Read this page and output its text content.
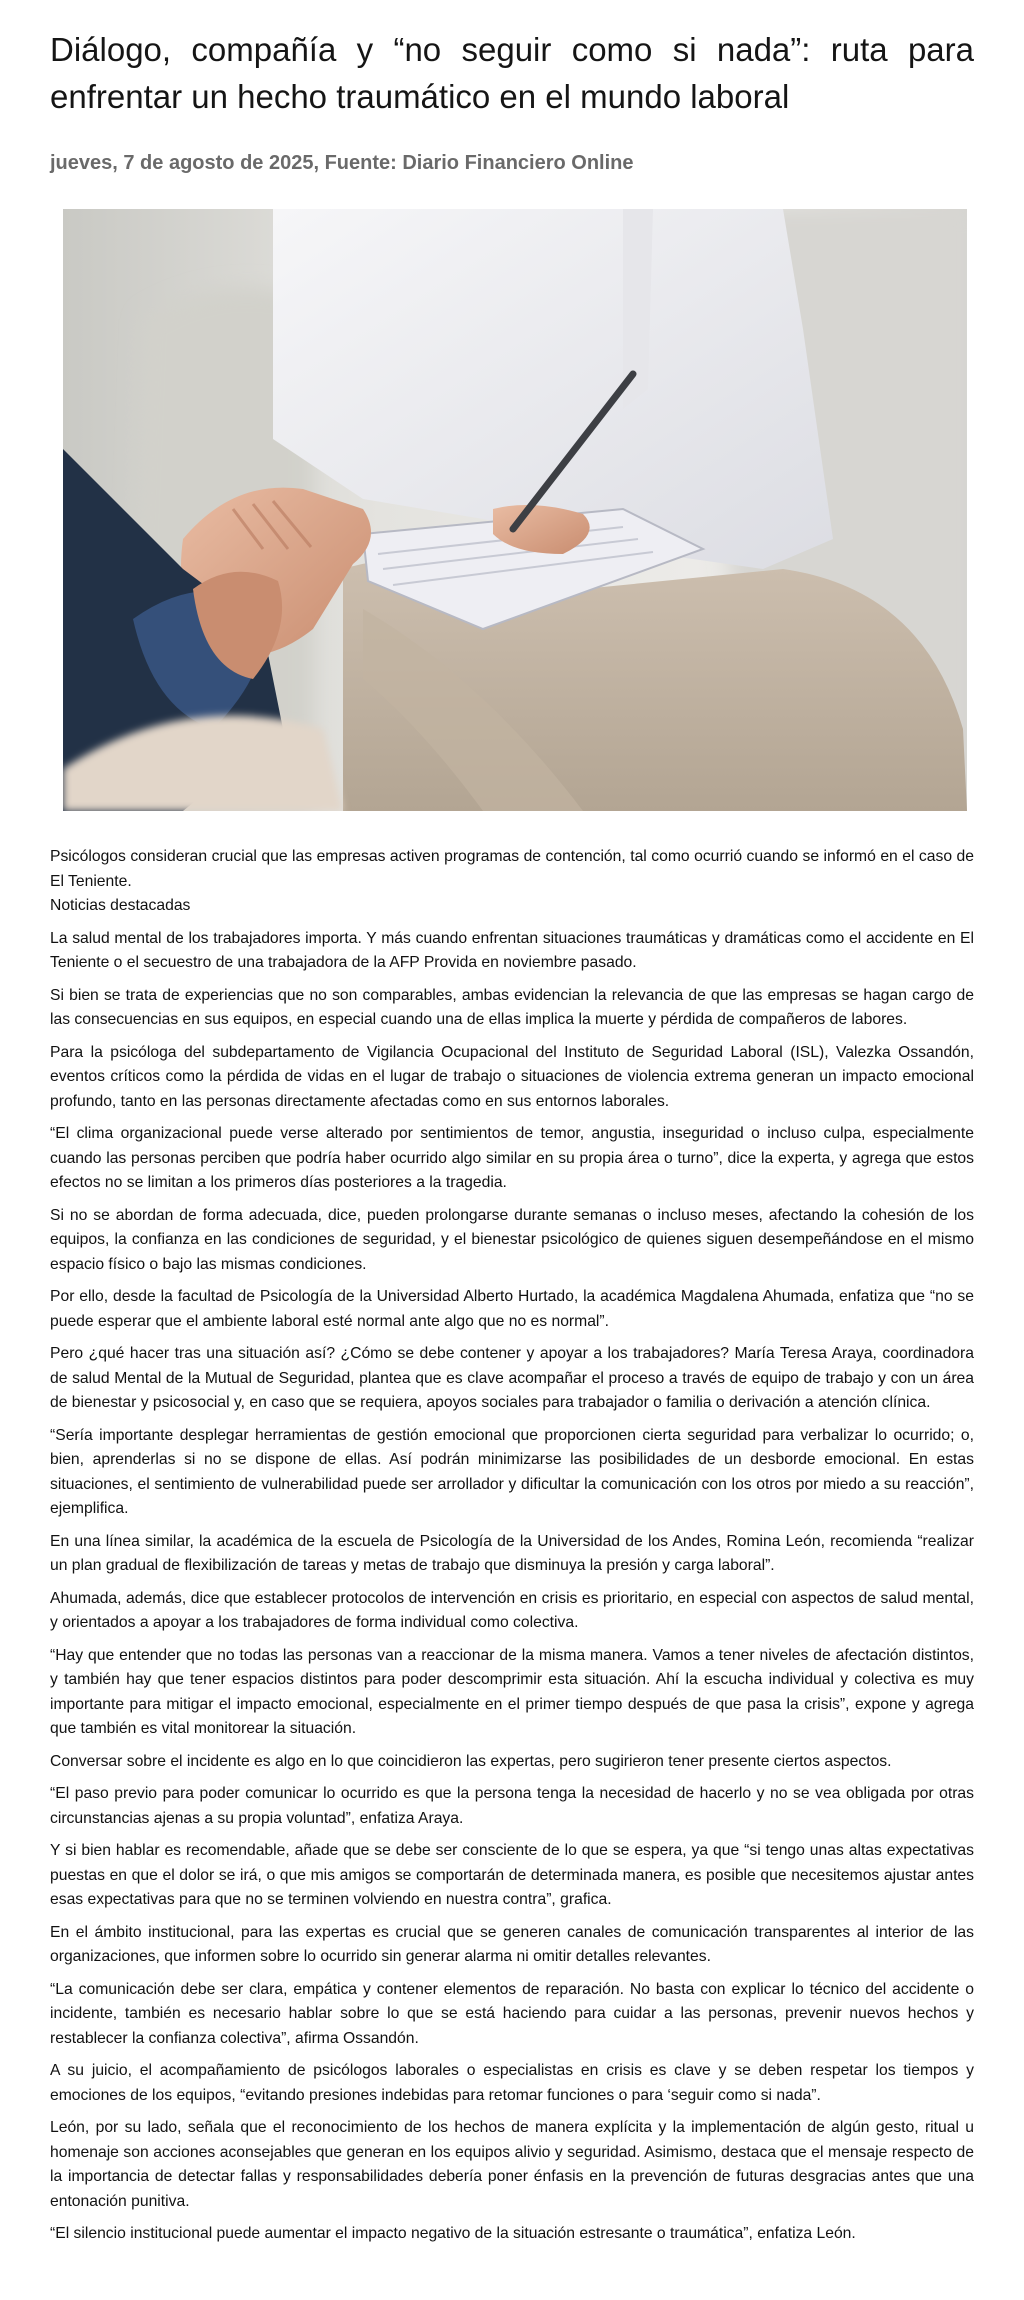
Diálogo, compañía y “no seguir como si nada”: ruta para enfrentar un hecho traumático en el mundo laboral
jueves, 7 de agosto de 2025, Fuente: Diario Financiero Online

Psicólogos consideran crucial que las empresas activen programas de contención, tal como ocurrió cuando se informó en el caso de El Teniente.

Noticias destacadas

La salud mental de los trabajadores importa. Y más cuando enfrentan situaciones traumáticas y dramáticas como el accidente en El Teniente o el secuestro de una trabajadora de la AFP Provida en noviembre pasado.

Si bien se trata de experiencias que no son comparables, ambas evidencian la relevancia de que las empresas se hagan cargo de las consecuencias en sus equipos, en especial cuando una de ellas implica la muerte y pérdida de compañeros de labores.

Para la psicóloga del subdepartamento de Vigilancia Ocupacional del Instituto de Seguridad Laboral (ISL), Valezka Ossandón, eventos críticos como la pérdida de vidas en el lugar de trabajo o situaciones de violencia extrema generan un impacto emocional profundo, tanto en las personas directamente afectadas como en sus entornos laborales.

“El clima organizacional puede verse alterado por sentimientos de temor, angustia, inseguridad o incluso culpa, especialmente cuando las personas perciben que podría haber ocurrido algo similar en su propia área o turno”, dice la experta, y agrega que estos efectos no se limitan a los primeros días posteriores a la tragedia.

Si no se abordan de forma adecuada, dice, pueden prolongarse durante semanas o incluso meses, afectando la cohesión de los equipos, la confianza en las condiciones de seguridad, y el bienestar psicológico de quienes siguen desempeñándose en el mismo espacio físico o bajo las mismas condiciones.

Por ello, desde la facultad de Psicología de la Universidad Alberto Hurtado, la académica Magdalena Ahumada, enfatiza que “no se puede esperar que el ambiente laboral esté normal ante algo que no es normal”.

Pero ¿qué hacer tras una situación así? ¿Cómo se debe contener y apoyar a los trabajadores? María Teresa Araya, coordinadora de salud Mental de la Mutual de Seguridad, plantea que es clave acompañar el proceso a través de equipo de trabajo y con un área de bienestar y psicosocial y, en caso que se requiera, apoyos sociales para trabajador o familia o derivación a atención clínica.

“Sería importante desplegar herramientas de gestión emocional que proporcionen cierta seguridad para verbalizar lo ocurrido; o, bien, aprenderlas si no se dispone de ellas. Así podrán minimizarse las posibilidades de un desborde emocional. En estas situaciones, el sentimiento de vulnerabilidad puede ser arrollador y dificultar la comunicación con los otros por miedo a su reacción”, ejemplifica.

En una línea similar, la académica de la escuela de Psicología de la Universidad de los Andes, Romina León, recomienda “realizar un plan gradual de flexibilización de tareas y metas de trabajo que disminuya la presión y carga laboral”.

Ahumada, además, dice que establecer protocolos de intervención en crisis es prioritario, en especial con aspectos de salud mental, y orientados a apoyar a los trabajadores de forma individual como colectiva.

“Hay que entender que no todas las personas van a reaccionar de la misma manera. Vamos a tener niveles de afectación distintos, y también hay que tener espacios distintos para poder descomprimir esta situación. Ahí la escucha individual y colectiva es muy importante para mitigar el impacto emocional, especialmente en el primer tiempo después de que pasa la crisis”, expone y agrega que también es vital monitorear la situación.

Conversar sobre el incidente es algo en lo que coincidieron las expertas, pero sugirieron tener presente ciertos aspectos.

“El paso previo para poder comunicar lo ocurrido es que la persona tenga la necesidad de hacerlo y no se vea obligada por otras circunstancias ajenas a su propia voluntad”, enfatiza Araya.

Y si bien hablar es recomendable, añade que se debe ser consciente de lo que se espera, ya que “si tengo unas altas expectativas puestas en que el dolor se irá, o que mis amigos se comportarán de determinada manera, es posible que necesitemos ajustar antes esas expectativas para que no se terminen volviendo en nuestra contra”, grafica.

En el ámbito institucional, para las expertas es crucial que se generen canales de comunicación transparentes al interior de las organizaciones, que informen sobre lo ocurrido sin generar alarma ni omitir detalles relevantes.

“La comunicación debe ser clara, empática y contener elementos de reparación. No basta con explicar lo técnico del accidente o incidente, también es necesario hablar sobre lo que se está haciendo para cuidar a las personas, prevenir nuevos hechos y restablecer la confianza colectiva”, afirma Ossandón.

A su juicio, el acompañamiento de psicólogos laborales o especialistas en crisis es clave y se deben respetar los tiempos y emociones de los equipos, “evitando presiones indebidas para retomar funciones o para ‘seguir como si nada”.

León, por su lado, señala que el reconocimiento de los hechos de manera explícita y la implementación de algún gesto, ritual u homenaje son acciones aconsejables que generan en los equipos alivio y seguridad. Asimismo, destaca que el mensaje respecto de la importancia de detectar fallas y responsabilidades debería poner énfasis en la prevención de futuras desgracias antes que una entonación punitiva.

“El silencio institucional puede aumentar el impacto negativo de la situación estresante o traumática”, enfatiza León.
